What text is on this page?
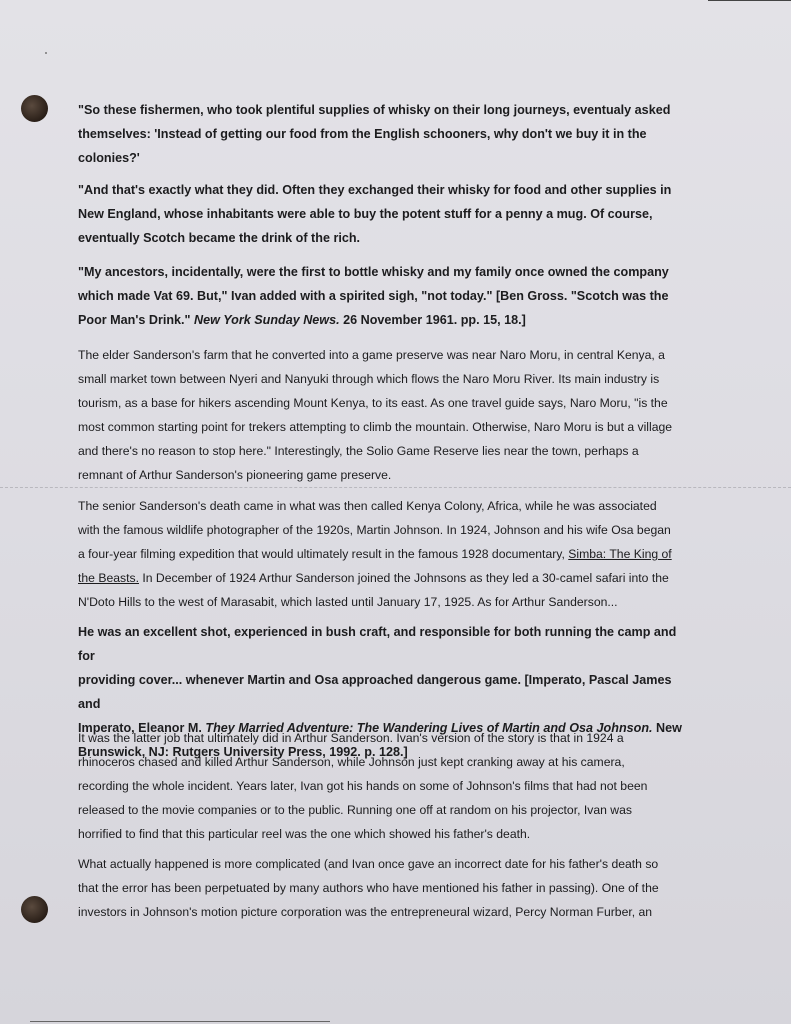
"So these fishermen, who took plentiful supplies of whisky on their long journeys, eventualy asked

themselves: 'Instead of getting our food from the English schooners, why don't we buy it in the

colonies?'

"And that's exactly what they did. Often they exchanged their whisky for food and other supplies in

New England, whose inhabitants were able to buy the potent stuff for a penny a mug. Of course,

eventually Scotch became the drink of the rich.

"My ancestors, incidentally, were the first to bottle whisky and my family once owned the company

which made Vat 69. But," Ivan added with a spirited sigh, "not today." [Ben Gross. "Scotch was the

Poor Man's Drink." New York Sunday News. 26 November 1961. pp. 15, 18.]

The elder Sanderson's farm that he converted into a game preserve was near Naro Moru, in central Kenya, a

small market town between Nyeri and Nanyuki through which flows the Naro Moru River. Its main industry is

tourism, as a base for hikers ascending Mount Kenya, to its east. As one travel guide says, Naro Moru, "is the

most common starting point for trekers attempting to climb the mountain. Otherwise, Naro Moru is but a village

and there's no reason to stop here." Interestingly, the Solio Game Reserve lies near the town, perhaps a

remnant of Arthur Sanderson's pioneering game preserve.

The senior Sanderson's death came in what was then called Kenya Colony, Africa, while he was associated

with the famous wildlife photographer of the 1920s, Martin Johnson. In 1924, Johnson and his wife Osa began

a four-year filming expedition that would ultimately result in the famous 1928 documentary, Simba: The King of

the Beasts. In December of 1924 Arthur Sanderson joined the Johnsons as they led a 30-camel safari into the

N'Doto Hills to the west of Marasabit, which lasted until January 17, 1925. As for Arthur Sanderson...

He was an excellent shot, experienced in bush craft, and responsible for both running the camp and for

providing cover... whenever Martin and Osa approached dangerous game. [Imperato, Pascal James and

Imperato, Eleanor M. They Married Adventure: The Wandering Lives of Martin and Osa Johnson. New

Brunswick, NJ: Rutgers University Press, 1992. p. 128.]

It was the latter job that ultimately did in Arthur Sanderson. Ivan's version of the story is that in 1924 a

rhinoceros chased and killed Arthur Sanderson, while Johnson just kept cranking away at his camera,

recording the whole incident. Years later, Ivan got his hands on some of Johnson's films that had not been

released to the movie companies or to the public. Running one off at random on his projector, Ivan was

horrified to find that this particular reel was the one which showed his father's death.

What actually happened is more complicated (and Ivan once gave an incorrect date for his father's death so

that the error has been perpetuated by many authors who have mentioned his father in passing). One of the

investors in Johnson's motion picture corporation was the entrepreneural wizard, Percy Norman Furber, an
